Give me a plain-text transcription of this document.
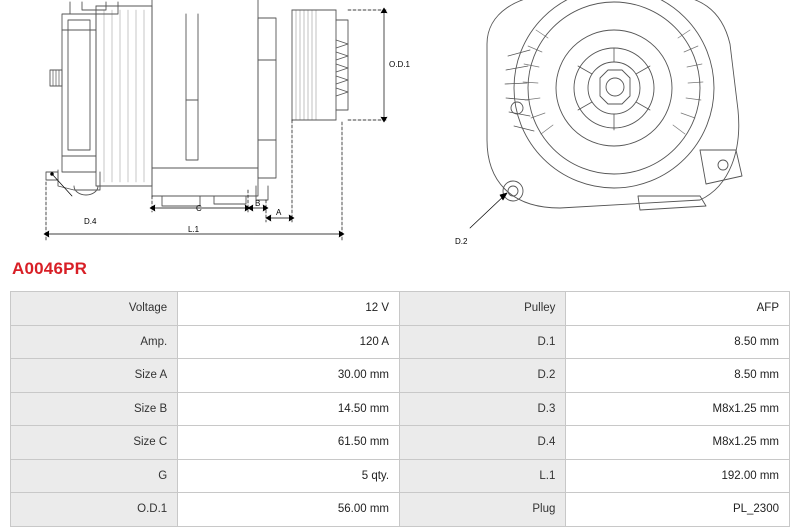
O.D.1
D.4
C
B
A
L.1
D.2
A0046PR
Voltage	12 V	Pulley	AFP
Amp.	120 A	D.1	8.50 mm
Size A	30.00 mm	D.2	8.50 mm
Size B	14.50 mm	D.3	M8x1.25 mm
Size C	61.50 mm	D.4	M8x1.25 mm
G	5 qty.	L.1	192.00 mm
O.D.1	56.00 mm	Plug	PL_2300
